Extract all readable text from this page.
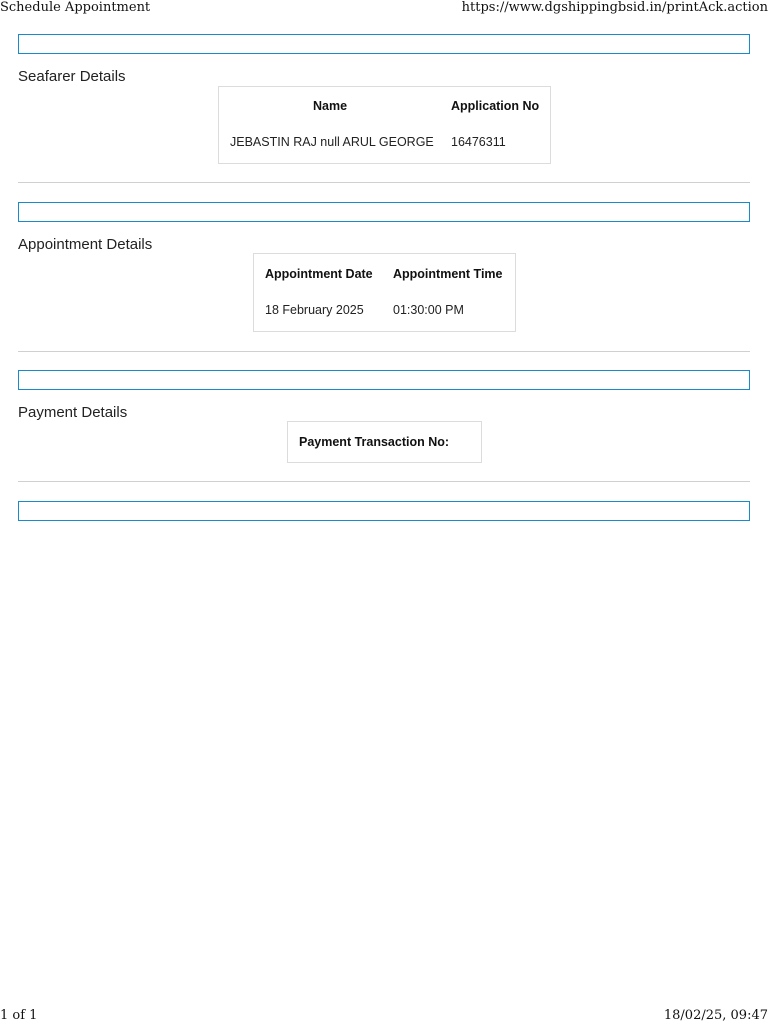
Schedule Appointment	https://www.dgshippingbsid.in/printAck.action
Seafarer Details
Name	Application No
JEBASTIN RAJ null ARUL GEORGE 16476311
Appointment Details
Appointment Date Appointment Time
18 February 2025 01:30:00 PM
Payment Details
Payment Transaction No:
1 of 1	18/02/25, 09:47
